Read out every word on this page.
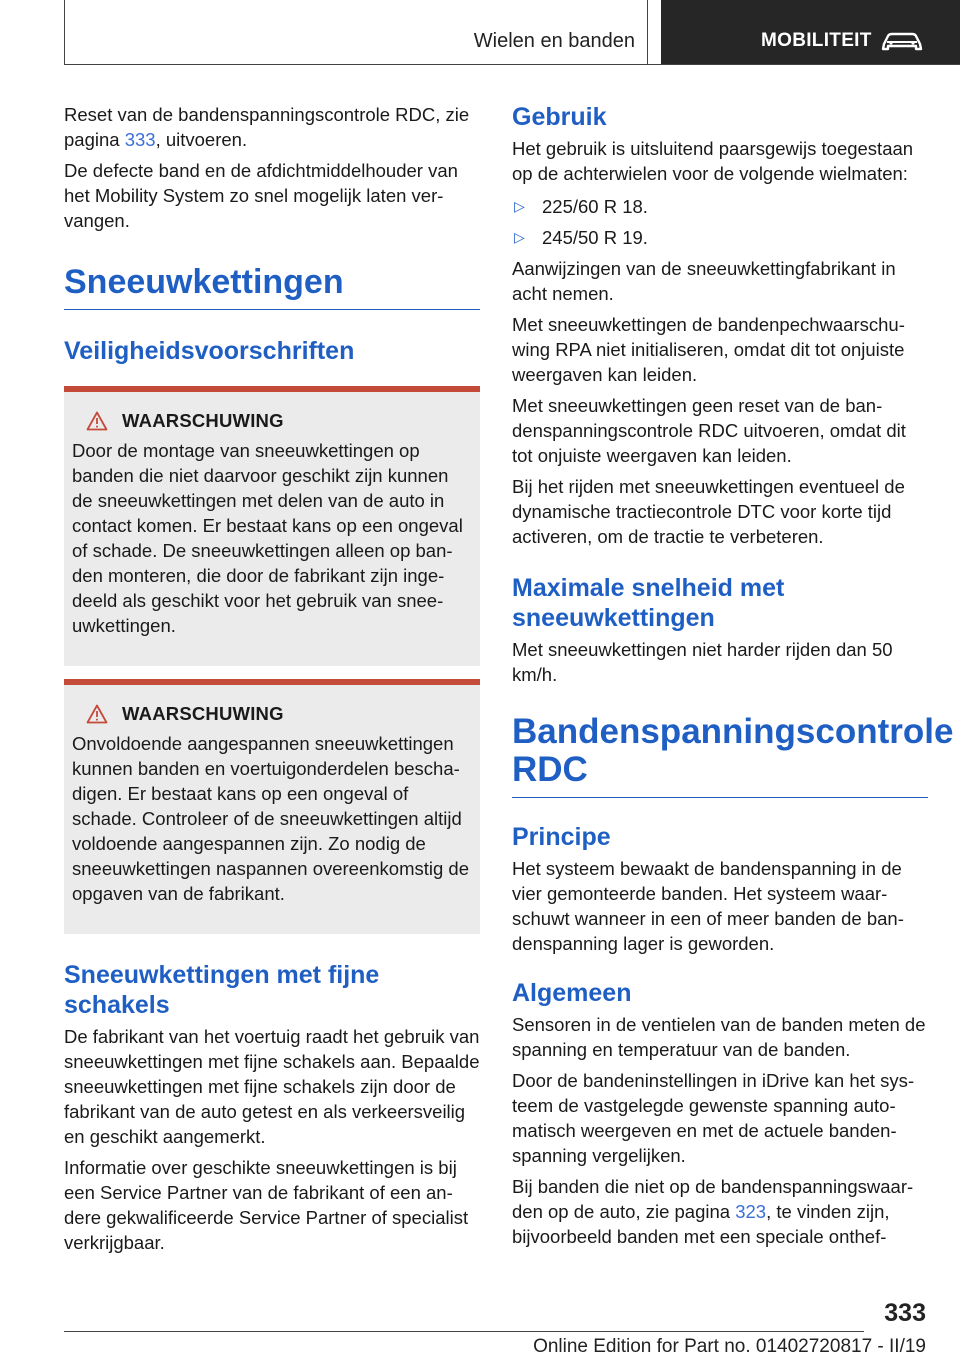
Wielen en banden	MOBILITEIT

Reset van de bandenspanningscontrole RDC, zie pagina 333, uitvoeren.

De defecte band en de afdichtmiddelhouder van het Mobility System zo snel mogelijk laten vervangen.

Sneeuwkettingen
Veiligheidsvoorschriften
WAARSCHUWING

Door de montage van sneeuwkettingen op banden die niet daarvoor geschikt zijn kunnen de sneeuwkettingen met delen van de auto in contact komen. Er bestaat kans op een ongeval of schade. De sneeuwkettingen alleen op banden monteren, die door de fabrikant zijn ingedeeld als geschikt voor het gebruik van sneeuwkettingen.

WAARSCHUWING

Onvoldoende aangespannen sneeuwkettingen kunnen banden en voertuigonderdelen beschadigen. Er bestaat kans op een ongeval of schade. Controleer of de sneeuwkettingen altijd voldoende aangespannen zijn. Zo nodig de sneeuwkettingen naspannen overeenkomstig de opgaven van de fabrikant.

Sneeuwkettingen met fijne schakels

De fabrikant van het voertuig raadt het gebruik van sneeuwkettingen met fijne schakels aan. Bepaalde sneeuwkettingen met fijne schakels zijn door de fabrikant van de auto getest en als verkeersveilig en geschikt aangemerkt.

Informatie over geschikte sneeuwkettingen is bij een Service Partner van de fabrikant of een andere gekwalificeerde Service Partner of specialist verkrijgbaar.

Gebruik

Het gebruik is uitsluitend paarsgewijs toegestaan op de achterwielen voor de volgende wielmaten:

▷ 225/60 R 18.
▷ 245/50 R 19.

Aanwijzingen van de sneeuwkettingfabrikant in acht nemen.

Met sneeuwkettingen de bandenpechwaarschuwing RPA niet initialiseren, omdat dit tot onjuiste weergaven kan leiden.

Met sneeuwkettingen geen reset van de bandenspanningscontrole RDC uitvoeren, omdat dit tot onjuiste weergaven kan leiden.

Bij het rijden met sneeuwkettingen eventueel de dynamische tractiecontrole DTC voor korte tijd activeren, om de tractie te verbeteren.

Maximale snelheid met sneeuwkettingen

Met sneeuwkettingen niet harder rijden dan 50 km/h.

Bandenspanningscontrole RDC
Principe

Het systeem bewaakt de bandenspanning in de vier gemonteerde banden. Het systeem waarschuwt wanneer in een of meer banden de bandenspanning lager is geworden.

Algemeen

Sensoren in de ventielen van de banden meten de spanning en temperatuur van de banden.

Door de bandeninstellingen in iDrive kan het systeem de vastgelegde gewenste spanning automatisch weergeven en met de actuele bandenspanning vergelijken.

Bij banden die niet op de bandenspanningswaarden op de auto, zie pagina 323, te vinden zijn, bijvoorbeeld banden met een speciale onthef-

333
Online Edition for Part no. 01402720817 - II/19
